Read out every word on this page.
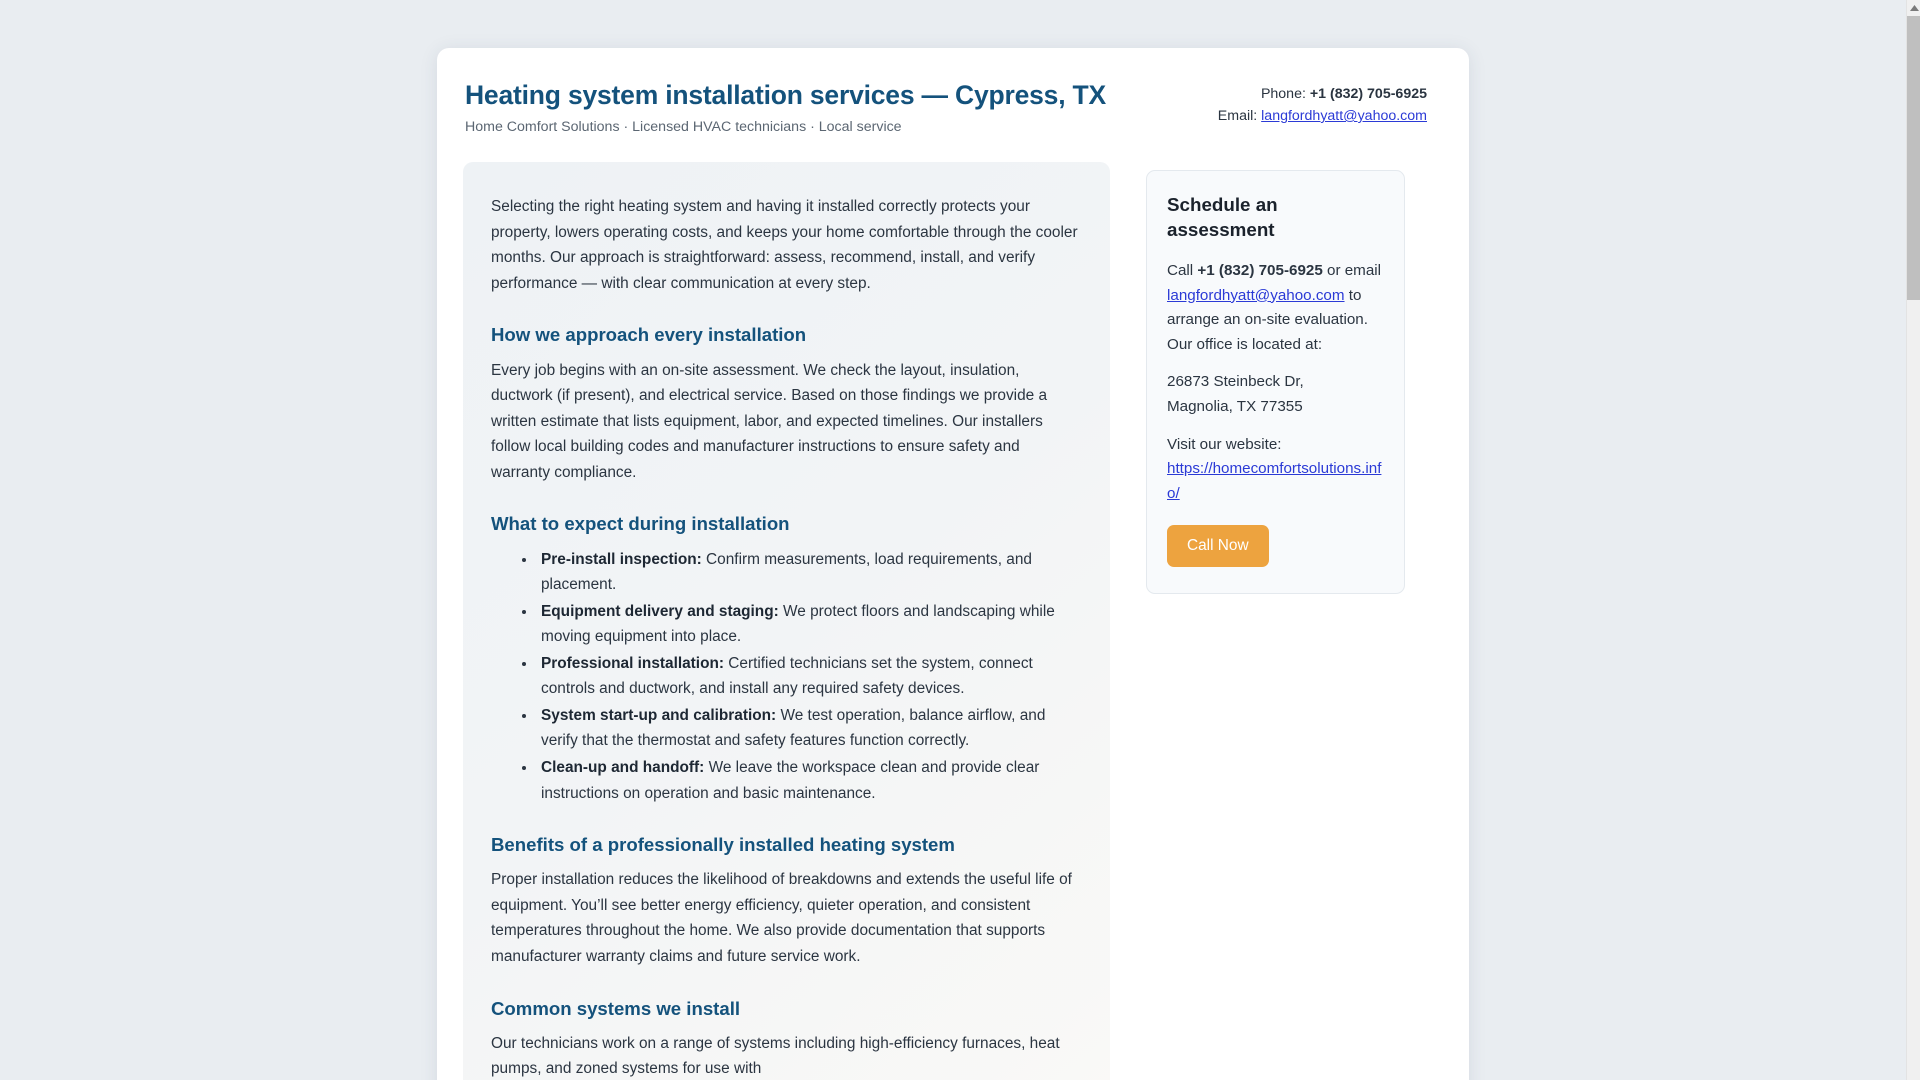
Heating system installation services — Cypress, TX
Home Comfort Solutions · Licensed HVAC technicians · Local service
Phone: +1 (832) 705-6925
Email: langfordhyatt@yahoo.com

Selecting the right heating system and having it installed correctly protects your property, lowers operating costs, and keeps your home comfortable through the cooler months. Our approach is straightforward: assess, recommend, install, and verify performance — with clear communication at every step.

How we approach every installation

Every job begins with an on-site assessment. We check the layout, insulation, ductwork (if present), and electrical service. Based on those findings we provide a written estimate that lists equipment, labor, and expected timelines. Our installers follow local building codes and manufacturer instructions to ensure safety and warranty compliance.

What to expect during installation
• Pre-install inspection: Confirm measurements, load requirements, and placement.
• Equipment delivery and staging: We protect floors and landscaping while moving equipment into place.
• Professional installation: Certified technicians set the system, connect controls and ductwork, and install any required safety devices.
• System start-up and calibration: We test operation, balance airflow, and verify that the thermostat and safety features function correctly.
• Clean-up and handoff: We leave the workspace clean and provide clear instructions on operation and basic maintenance.
Benefits of a professionally installed heating system

Proper installation reduces the likelihood of breakdowns and extends the useful life of equipment. You’ll see better energy efficiency, quieter operation, and consistent temperatures throughout the home. We also provide documentation that supports manufacturer warranty claims and future service work.

Common systems we install

Our technicians work on a range of systems including high-efficiency furnaces, heat pumps, and zoned systems for use with

Schedule an assessment

Call +1 (832) 705-6925 or email langfordhyatt@yahoo.com to arrange an on-site evaluation. Our office is located at:

26873 Steinbeck Dr,
Magnolia, TX 77355

Visit our website:
https://homecomfortsolutions.info/

Call Now
